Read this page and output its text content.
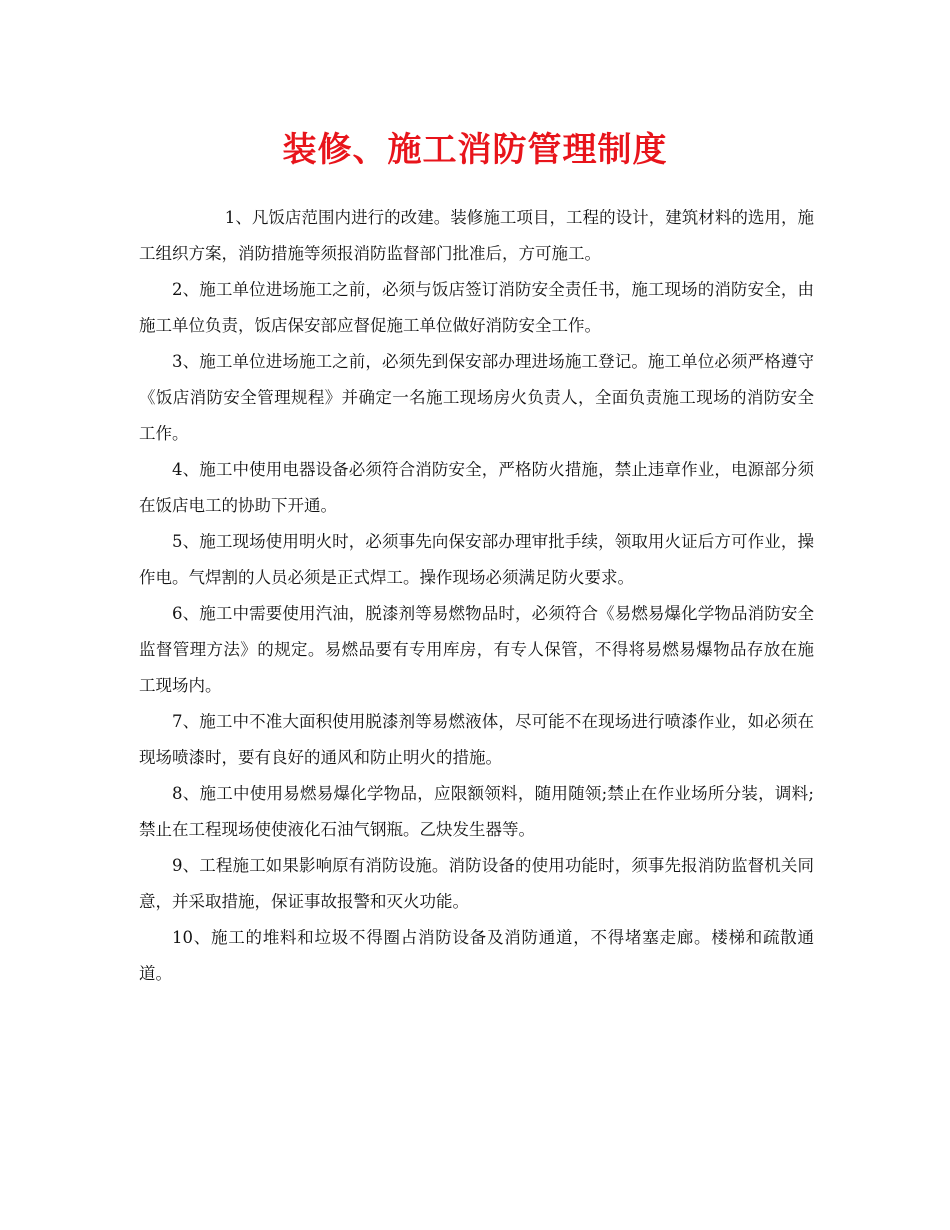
装修、施工消防管理制度

1、凡饭店范围内进行的改建。装修施工项目，工程的设计，建筑材料的选用，施工组织方案，消防措施等须报消防监督部门批准后，方可施工。

2、施工单位进场施工之前，必须与饭店签订消防安全责任书，施工现场的消防安全，由施工单位负责，饭店保安部应督促施工单位做好消防安全工作。

3、施工单位进场施工之前，必须先到保安部办理进场施工登记。施工单位必须严格遵守《饭店消防安全管理规程》并确定一名施工现场房火负责人，全面负责施工现场的消防安全工作。

4、施工中使用电器设备必须符合消防安全，严格防火措施，禁止违章作业，电源部分须在饭店电工的协助下开通。

5、施工现场使用明火时，必须事先向保安部办理审批手续，领取用火证后方可作业，操作电。气焊割的人员必须是正式焊工。操作现场必须满足防火要求。

6、施工中需要使用汽油，脱漆剂等易燃物品时，必须符合《易燃易爆化学物品消防安全监督管理方法》的规定。易燃品要有专用库房，有专人保管，不得将易燃易爆物品存放在施工现场内。

7、施工中不准大面积使用脱漆剂等易燃液体，尽可能不在现场进行喷漆作业，如必须在现场喷漆时，要有良好的通风和防止明火的措施。

8、施工中使用易燃易爆化学物品，应限额领料，随用随领;禁止在作业场所分装，调料;禁止在工程现场使使液化石油气钢瓶。乙炔发生器等。

9、工程施工如果影响原有消防设施。消防设备的使用功能时，须事先报消防监督机关同意，并采取措施，保证事故报警和灭火功能。

10、施工的堆料和垃圾不得圈占消防设备及消防通道，不得堵塞走廊。楼梯和疏散通道。
